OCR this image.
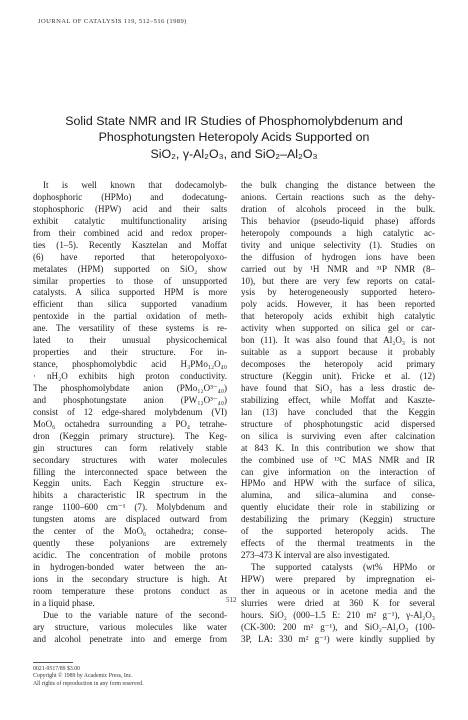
JOURNAL OF CATALYSIS 119, 512–516 (1989)
Solid State NMR and IR Studies of Phosphomolybdenum and
Phosphotungsten Heteropoly Acids Supported on
SiO₂, γ-Al₂O₃, and SiO₂–Al₂O₃
It is well known that dodecamolyb-
dophosphoric (HPMo) and dodecatung-
stophosphoric (HPW) acid and their salts
exhibit catalytic multifunctionality arising
from their combined acid and redox proper-
ties (1–5). Recently Kasztelan and Moffat
(6) have reported that heteropolyoxo-
metalates (HPM) supported on SiO₂ show
similar properties to those of unsupported
catalysts. A silica supported HPM is more
efficient than silica supported vanadium
pentoxide in the partial oxidation of meth-
ane. The versatility of these systems is re-
lated to their unusual physicochemical
properties and their structure. For in-
stance, phosphomolybdic acid H₃PMo₁₂O₄₀
· nH₂O exhibits high proton conductivity.
The phosphomolybdate anion (PMo₁₂O³⁻₄₀)
and phosphotungstate anion (PW₁₂O³⁻₄₀)
consist of 12 edge-shared molybdenum (VI)
MoO₆ octahedra surrounding a PO₄ tetrahe-
dron (Keggin primary structure). The Keg-
gin structures can form relatively stable
secondary structures with water molecules
filling the interconnected space between the
Keggin units. Each Keggin structure ex-
hibits a characteristic IR spectrum in the
range 1100–600 cm⁻¹ (7). Molybdenum and
tungsten atoms are displaced outward from
the center of the MoO₆ octahedra; conse-
quently these polyanions are extremely
acidic. The concentration of mobile protons
in hydrogen-bonded water between the an-
ions in the secondary structure is high. At
room temperature these protons conduct as
in a liquid phase.
Due to the variable nature of the second-
ary structure, various molecules like water
and alcohol penetrate into and emerge from
the bulk changing the distance between the
anions. Certain reactions such as the dehy-
dration of alcohols proceed in the bulk.
This behavior (pseudo-liquid phase) affords
heteropoly compounds a high catalytic ac-
tivity and unique selectivity (1). Studies on
the diffusion of hydrogen ions have been
carried out by ¹H NMR and ³¹P NMR (8–
10), but there are very few reports on catal-
ysis by heterogeneously supported hetero-
poly acids. However, it has been reported
that heteropoly acids exhibit high catalytic
activity when supported on silica gel or car-
bon (11). It was also found that Al₂O₃ is not
suitable as a support because it probably
decomposes the heteropoly acid primary
structure (Keggin unit). Fricke et al. (12)
have found that SiO₂ has a less drastic de-
stabilizing effect, while Moffat and Kaszte-
lan (13) have concluded that the Keggin
structure of phosphotungstic acid dispersed
on silica is surviving even after calcination
at 843 K. In this contribution we show that
the combined use of ¹³C MAS NMR and IR
can give information on the interaction of
HPMo and HPW with the surface of silica,
alumina, and silica–alumina and conse-
quently elucidate their role in stabilizing or
destabilizing the primary (Keggin) structure
of the supported heteropoly acids. The
effects of the thermal treatments in the
273–473 K interval are also investigated.
The supported catalysts (wt% HPMo or
HPW) were prepared by impregnation ei-
ther in aqueous or in acetone media and the
slurries were dried at 360 K for several
hours. SiO₂ (000–1.5 E: 210 m² g⁻¹), γ-Al₂O₃
(CK-300: 200 m² g⁻¹), and SiO₂–Al₂O₃ (100-
3P, LA: 330 m² g⁻¹) were kindly supplied by
512
0021-9517/89 $3.00
Copyright © 1989 by Academic Press, Inc.
All rights of reproduction in any form reserved.
